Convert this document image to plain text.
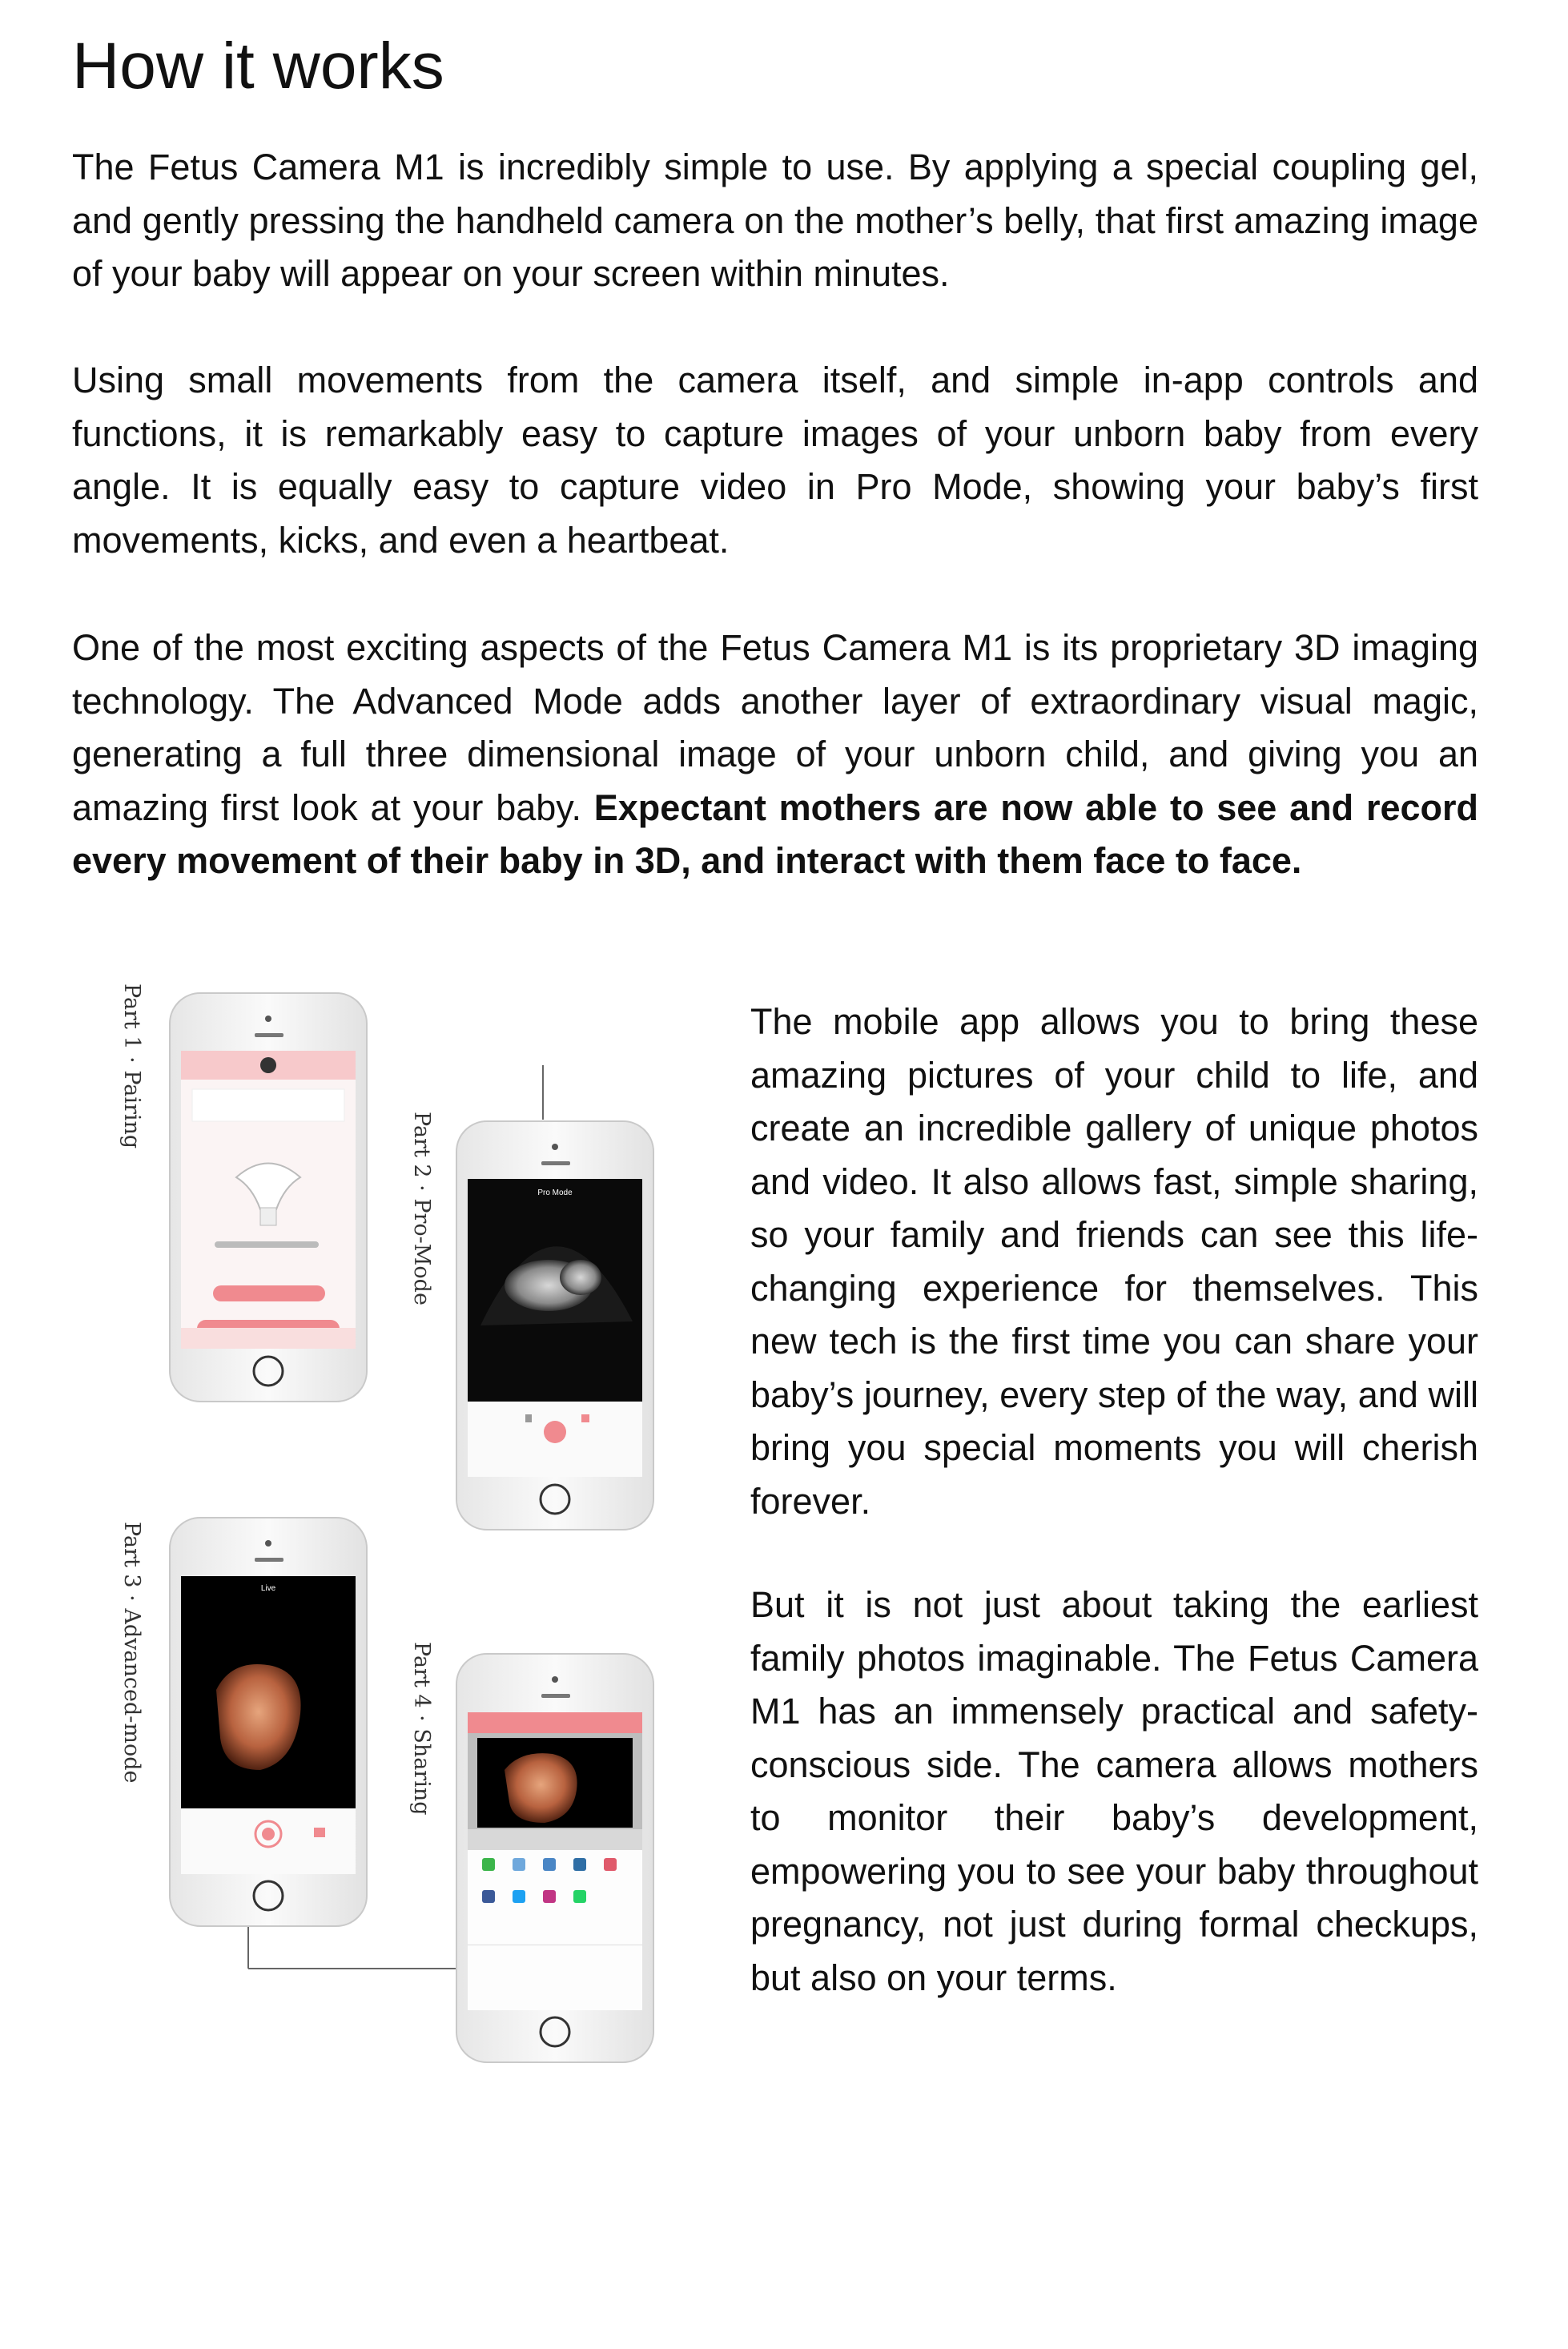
How it works

The Fetus Camera M1 is incredibly simple to use. By applying a special coupling gel, and gently pressing the handheld camera on the mother’s belly, that first amazing image of your baby will appear on your screen within minutes.

Using small movements from the camera itself, and simple in-app controls and functions, it is remarkably easy to capture images of your unborn baby from every angle. It is equally easy to capture video in Pro Mode, showing your baby’s first movements, kicks, and even a heartbeat.

One of the most exciting aspects of the Fetus Camera M1 is its proprietary 3D imaging technology. The Advanced Mode adds another layer of extraordinary visual magic, generating a full three dimensional image of your unborn child, and giving you an amazing first look at your baby. Expectant mothers are now able to see and record every movement of their baby in 3D, and interact with them face to face.

The mobile app allows you to bring these amazing pictures of your child to life, and create an incredible gallery of unique photos and video. It also allows fast, simple sharing, so your family and friends can see this life-changing experience for themselves. This new tech is the first time you can share your baby’s journey, every step of the way, and will bring you special moments you will cherish forever.

But it is not just about taking the earliest family photos imaginable. The Fetus Camera M1 has an immensely practical and safety-conscious side. The camera allows mothers to monitor their baby’s development, empowering you to see your baby throughout pregnancy, not just during formal checkups, but also on your terms.

Part 1 · Pairing
Part 2 · Pro-Mode
Part 3 · Advanced-mode	Part 4 · Sharing
Pro Mode
Live
